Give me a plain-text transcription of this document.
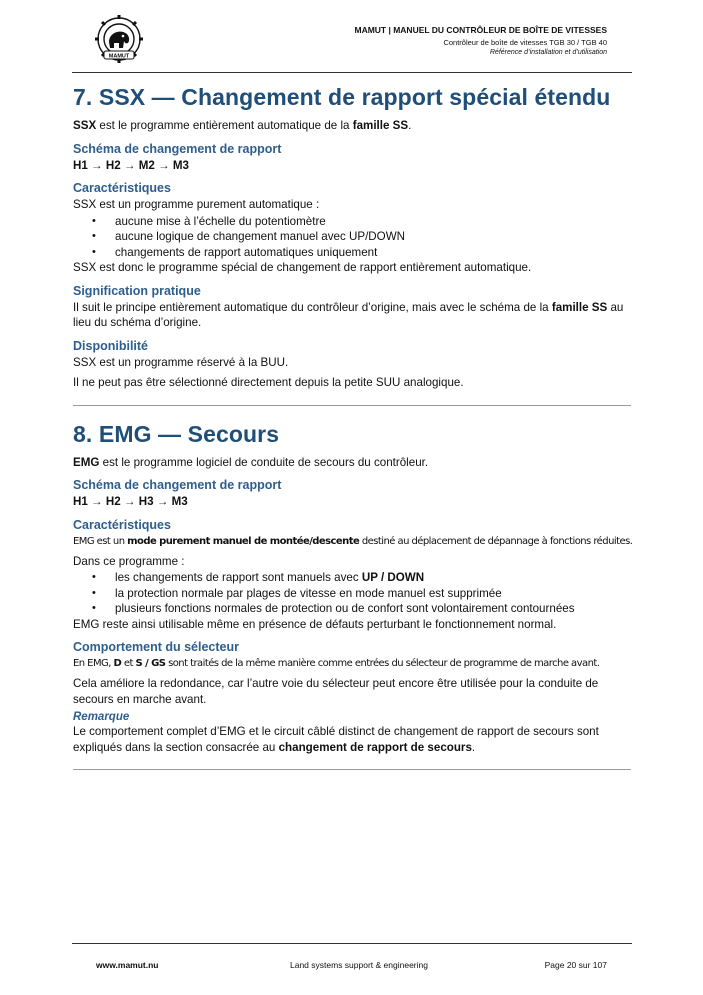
MAMUT
MAMUT | MANUEL DU CONTRÔLEUR DE BOÎTE DE VITESSES
Contrôleur de boîte de vitesses TGB 30 / TGB 40
Référence d’installation et d’utilisation
7. SSX — Changement de rapport spécial étendu

SSX est le programme entièrement automatique de la famille SS.

Schéma de changement de rapport

H1 → H2 → M2 → M3

Caractéristiques

SSX est un programme purement automatique :

• aucune mise à l’échelle du potentiomètre
• aucune logique de changement manuel avec UP/DOWN
• changements de rapport automatiques uniquement

SSX est donc le programme spécial de changement de rapport entièrement automatique.

Signification pratique

Il suit le principe entièrement automatique du contrôleur d’origine, mais avec le schéma de la famille SS au lieu du schéma d’origine.

Disponibilité

SSX est un programme réservé à la BUU.

Il ne peut pas être sélectionné directement depuis la petite SUU analogique.

8. EMG — Secours

EMG est le programme logiciel de conduite de secours du contrôleur.

Schéma de changement de rapport

H1 → H2 → H3 → M3

Caractéristiques

EMG est un mode purement manuel de montée/descente destiné au déplacement de dépannage à fonctions réduites.

Dans ce programme :

• les changements de rapport sont manuels avec UP / DOWN
• la protection normale par plages de vitesse en mode manuel est supprimée
• plusieurs fonctions normales de protection ou de confort sont volontairement contournées

EMG reste ainsi utilisable même en présence de défauts perturbant le fonctionnement normal.

Comportement du sélecteur

En EMG, D et S / GS sont traités de la même manière comme entrées du sélecteur de programme de marche avant.

Cela améliore la redondance, car l’autre voie du sélecteur peut encore être utilisée pour la conduite de secours en marche avant.

Remarque

Le comportement complet d’EMG et le circuit câblé distinct de changement de rapport de secours sont expliqués dans la section consacrée au changement de rapport de secours.

www.mamut.nu	Land systems support & engineering	Page 20 sur 107
